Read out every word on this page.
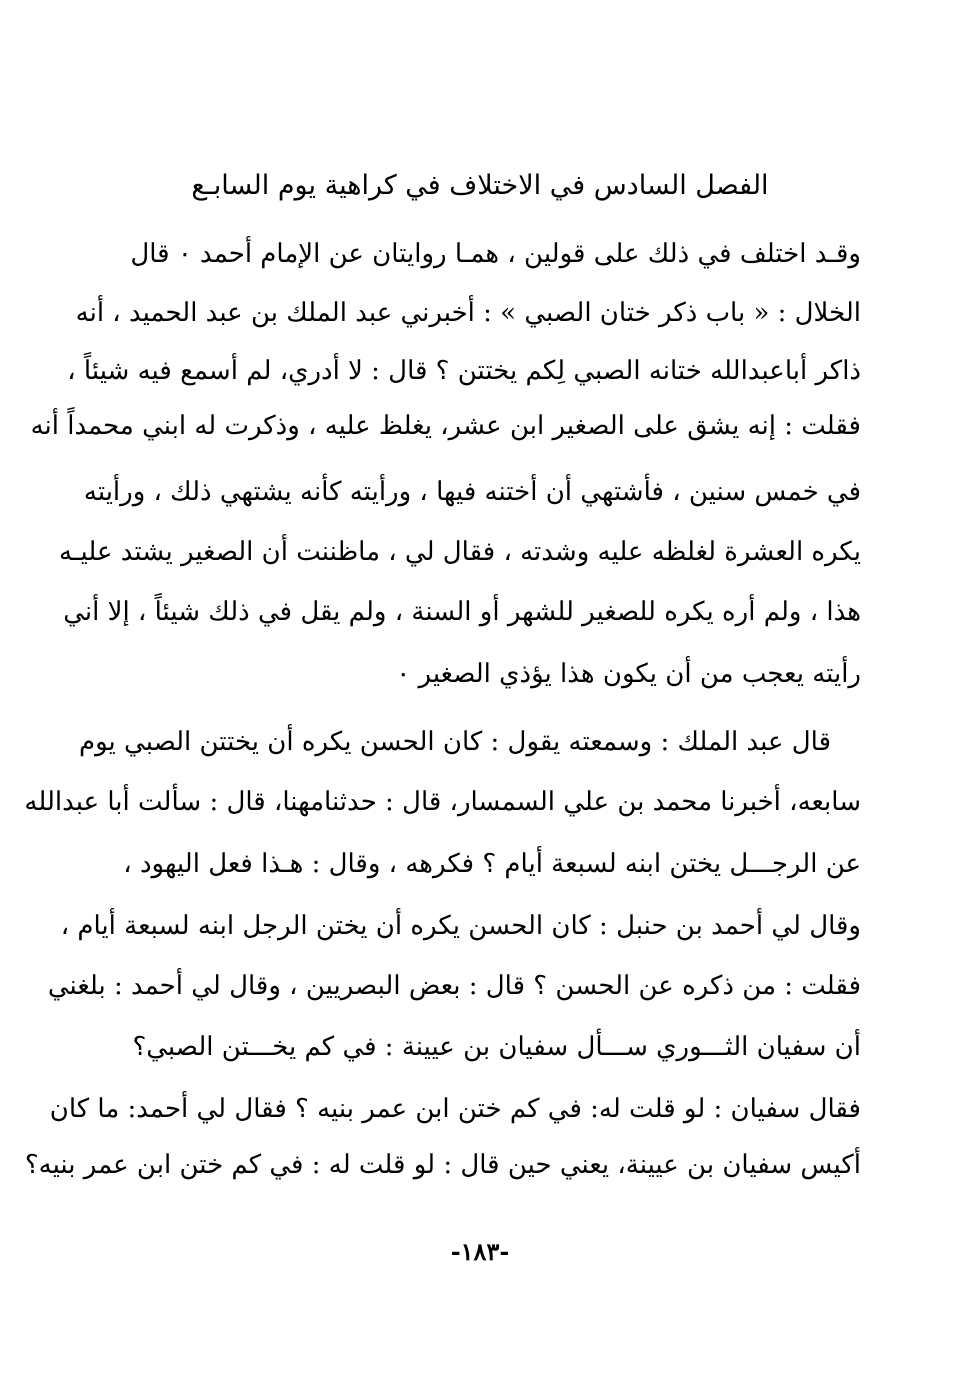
الفصل السادس في الاختلاف في كراهية يوم السابـع
وقـد اختلف في ذلك على قولين ، همـا روايتان عن الإمام أحمد ٠ قال
الخلال : « باب ذكر ختان الصبي » : أخبرني عبد الملك بن عبد الحميد ، أنه
ذاكر أباعبدالله ختانه الصبي لِكم يختتن ؟ قال : لا أدري، لم أسمع فيه شيئاً ،
فقلت : إنه يشق على الصغير ابن عشر، يغلظ عليه ، وذكرت له ابني محمداً أنه
في خمس سنين ، فأشتهي أن أختنه فيها ، ورأيته كأنه يشتهي ذلك ، ورأيته
يكره العشرة لغلظه عليه وشدته ، فقال لي ، ماظننت أن الصغير يشتد عليـه
هذا ، ولم أره يكره للصغير للشهر أو السنة ، ولم يقل في ذلك شيئاً ، إلا أني
رأيته يعجب من أن يكون هذا يؤذي الصغير ٠
قال عبد الملك : وسمعته يقول : كان الحسن يكره أن يختتن الصبي يوم
سابعه، أخبرنا محمد بن علي السمسار، قال : حدثنامهنا، قال : سألت أبا عبدالله
عن الرجـــل يختن ابنه لسبعة أيام ؟ فكرهه ، وقال : هـذا فعل اليهود ،
وقال لي أحمد بن حنبل : كان الحسن يكره أن يختن الرجل ابنه لسبعة أيام ،
فقلت : من ذكره عن الحسن ؟ قال : بعض البصريين ، وقال لي أحمد : بلغني
أن سفيان الثـــوري ســـأل سفيان بن عيينة : في كم يخـــتن الصبي؟
فقال سفيان : لو قلت له: في كم ختن ابن عمر بنيه ؟ فقال لي أحمد: ما كان
أكيس سفيان بن عيينة، يعني حين قال : لو قلت له : في كم ختن ابن عمر بنيه؟
-١٨٣-
